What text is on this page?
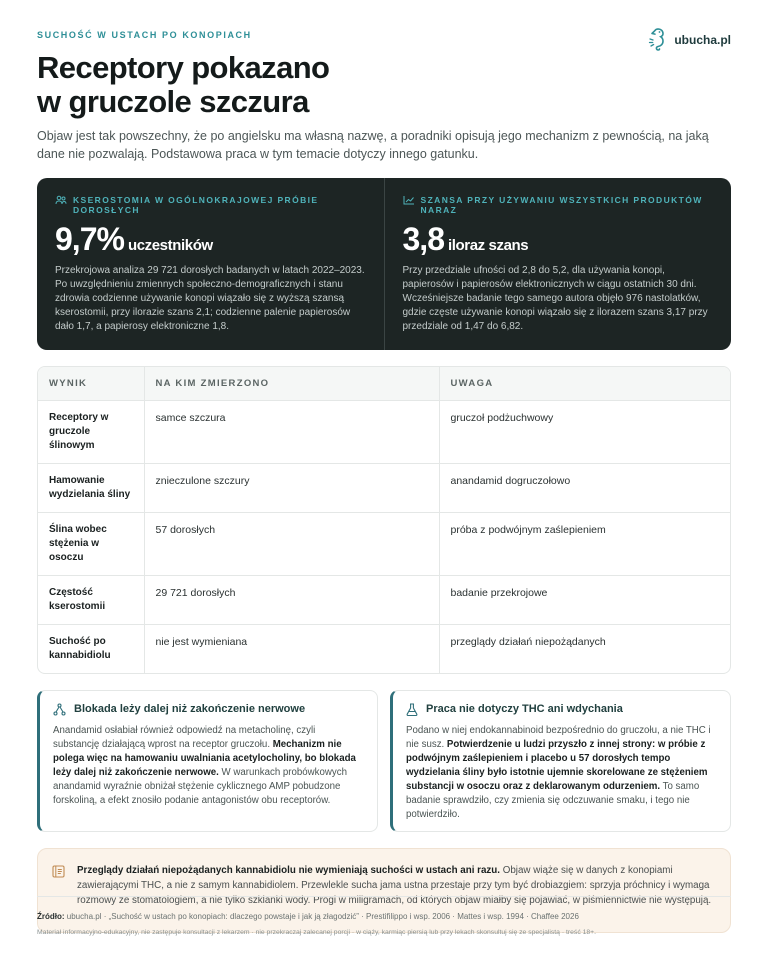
SUCHOŚĆ W USTACH PO KONOPIACH	ubucha.pl
Receptory pokazano
w gruczole szczura

Objaw jest tak powszechny, że po angielsku ma własną nazwę, a poradniki opisują jego mechanizm z pewnością, na jaką dane nie pozwalają. Podstawowa praca w tym temacie dotyczy innego gatunku.

KSEROSTOMIA W OGÓLNOKRAJOWEJ PRÓBIE DOROSŁYCH
9,7% uczestników

Przekrojowa analiza 29 721 dorosłych badanych w latach 2022–2023. Po uwzględnieniu zmiennych społeczno-demograficznych i stanu zdrowia codzienne używanie konopi wiązało się z wyższą szansą kserostomii, przy ilorazie szans 2,1; codzienne palenie papierosów dało 1,7, a papierosy elektroniczne 1,8.

SZANSA PRZY UŻYWANIU WSZYSTKICH PRODUKTÓW NARAZ
3,8 iloraz szans

Przy przedziale ufności od 2,8 do 5,2, dla używania konopi, papierosów i papierosów elektronicznych w ciągu ostatnich 30 dni. Wcześniejsze badanie tego samego autora objęło 976 nastolatków, gdzie częste używanie konopi wiązało się z ilorazem szans 3,17 przy przedziale od 1,47 do 6,82.

WYNIK	NA KIM ZMIERZONO	UWAGA
Receptory w gruczole ślinowym	samce szczura	gruczoł podżuchwowy
Hamowanie wydzielania śliny	znieczulone szczury	anandamid dogruczołowo
Ślina wobec stężenia w osoczu	57 dorosłych	próba z podwójnym zaślepieniem
Częstość kserostomii	29 721 dorosłych	badanie przekrojowe
Suchość po kannabidiolu	nie jest wymieniana	przeglądy działań niepożądanych
Blokada leży dalej niż zakończenie nerwowe

Anandamid osłabiał również odpowiedź na metacholinę, czyli substancję działającą wprost na receptor gruczołu. Mechanizm nie polega więc na hamowaniu uwalniania acetylocholiny, bo blokada leży dalej niż zakończenie nerwowe. W warunkach probówkowych anandamid wyraźnie obniżał stężenie cyklicznego AMP pobudzone forskoliną, a efekt znosiło podanie antagonistów obu receptorów.

Praca nie dotyczy THC ani wdychania

Podano w niej endokannabinoid bezpośrednio do gruczołu, a nie THC i nie susz. Potwierdzenie u ludzi przyszło z innej strony: w próbie z podwójnym zaślepieniem i placebo u 57 dorosłych tempo wydzielania śliny było istotnie ujemnie skorelowane ze stężeniem substancji w osoczu oraz z deklarowanym odurzeniem. To samo badanie sprawdziło, czy zmienia się odczuwanie smaku, i tego nie potwierdziło.

Przeglądy działań niepożądanych kannabidiolu nie wymieniają suchości w ustach ani razu. Objaw wiąże się w danych z konopiami zawierającymi THC, a nie z samym kannabidiolem. Przewlekle sucha jama ustna przestaje przy tym być drobiazgiem: sprzyja próchnicy i wymaga rozmowy ze stomatologiem, a nie tylko szklanki wody. Progi w miligramach, od których objaw miałby się pojawiać, w piśmiennictwie nie występują.

Źródło: ubucha.pl · „Suchość w ustach po konopiach: dlaczego powstaje i jak ją złagodzić” · Prestifilippo i wsp. 2006 · Mattes i wsp. 1994 · Chaffee 2026

Materiał informacyjno-edukacyjny, nie zastępuje konsultacji z lekarzem · nie przekraczaj zalecanej porcji · w ciąży, karmiąc piersią lub przy lekach skonsultuj się ze specjalistą · treść 18+.
